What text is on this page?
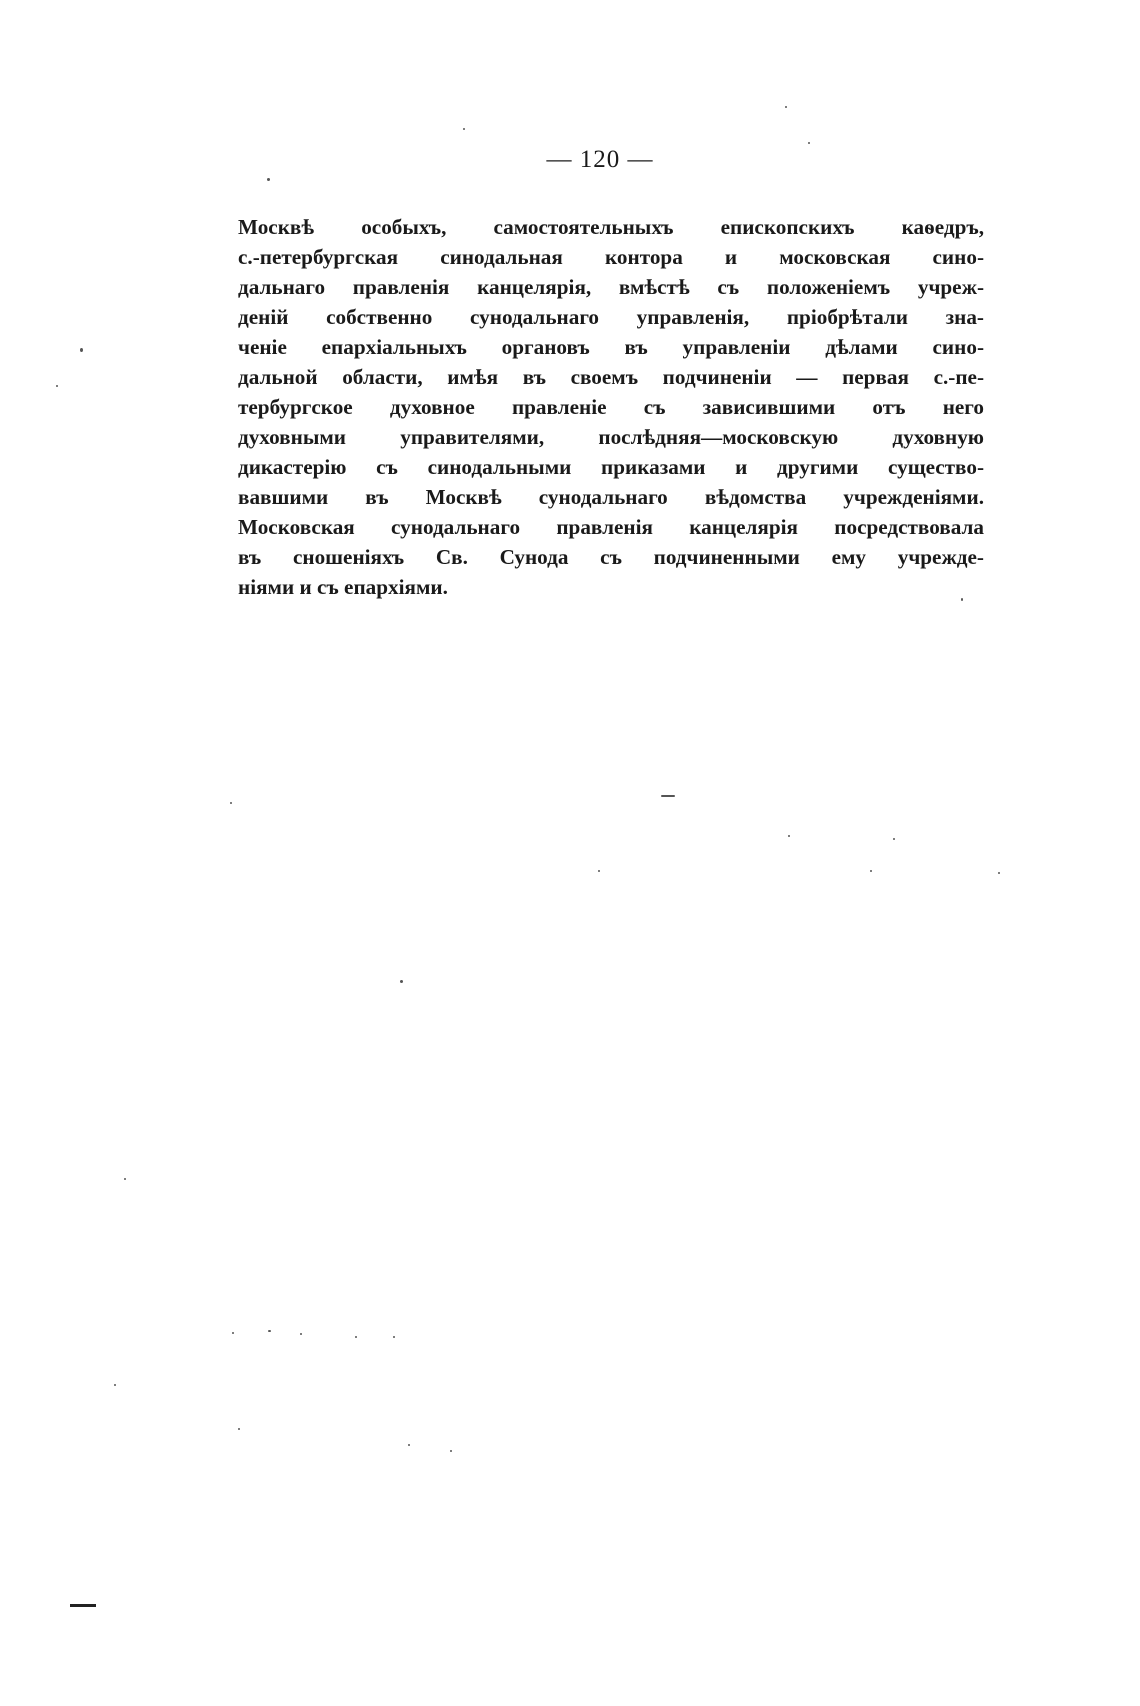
— 120 —
Москвѣ особыхъ, самостоятельныхъ епископскихъ каѳедръ,
с.-петербургская синодальная контора и московская сино-
дальнаго правленія канцелярія, вмѣстѣ съ положеніемъ учреж-
деній собственно сунодальнаго управленія, пріобрѣтали зна-
ченіе епархіальныхъ органовъ въ управленіи дѣлами сино-
дальной области, имѣя въ своемъ подчиненіи — первая с.-пе-
тербургское духовное правленіе съ зависившими отъ него
духовными управителями, послѣдняя—московскую духовную
дикастерію съ синодальными приказами и другими существо-
вавшими въ Москвѣ сунодальнаго вѣдомства учрежденіями.
Московская сунодальнаго правленія канцелярія посредствовала
въ сношеніяхъ Св. Сунода съ подчиненными ему учрежде-
ніями и съ епархіями.
